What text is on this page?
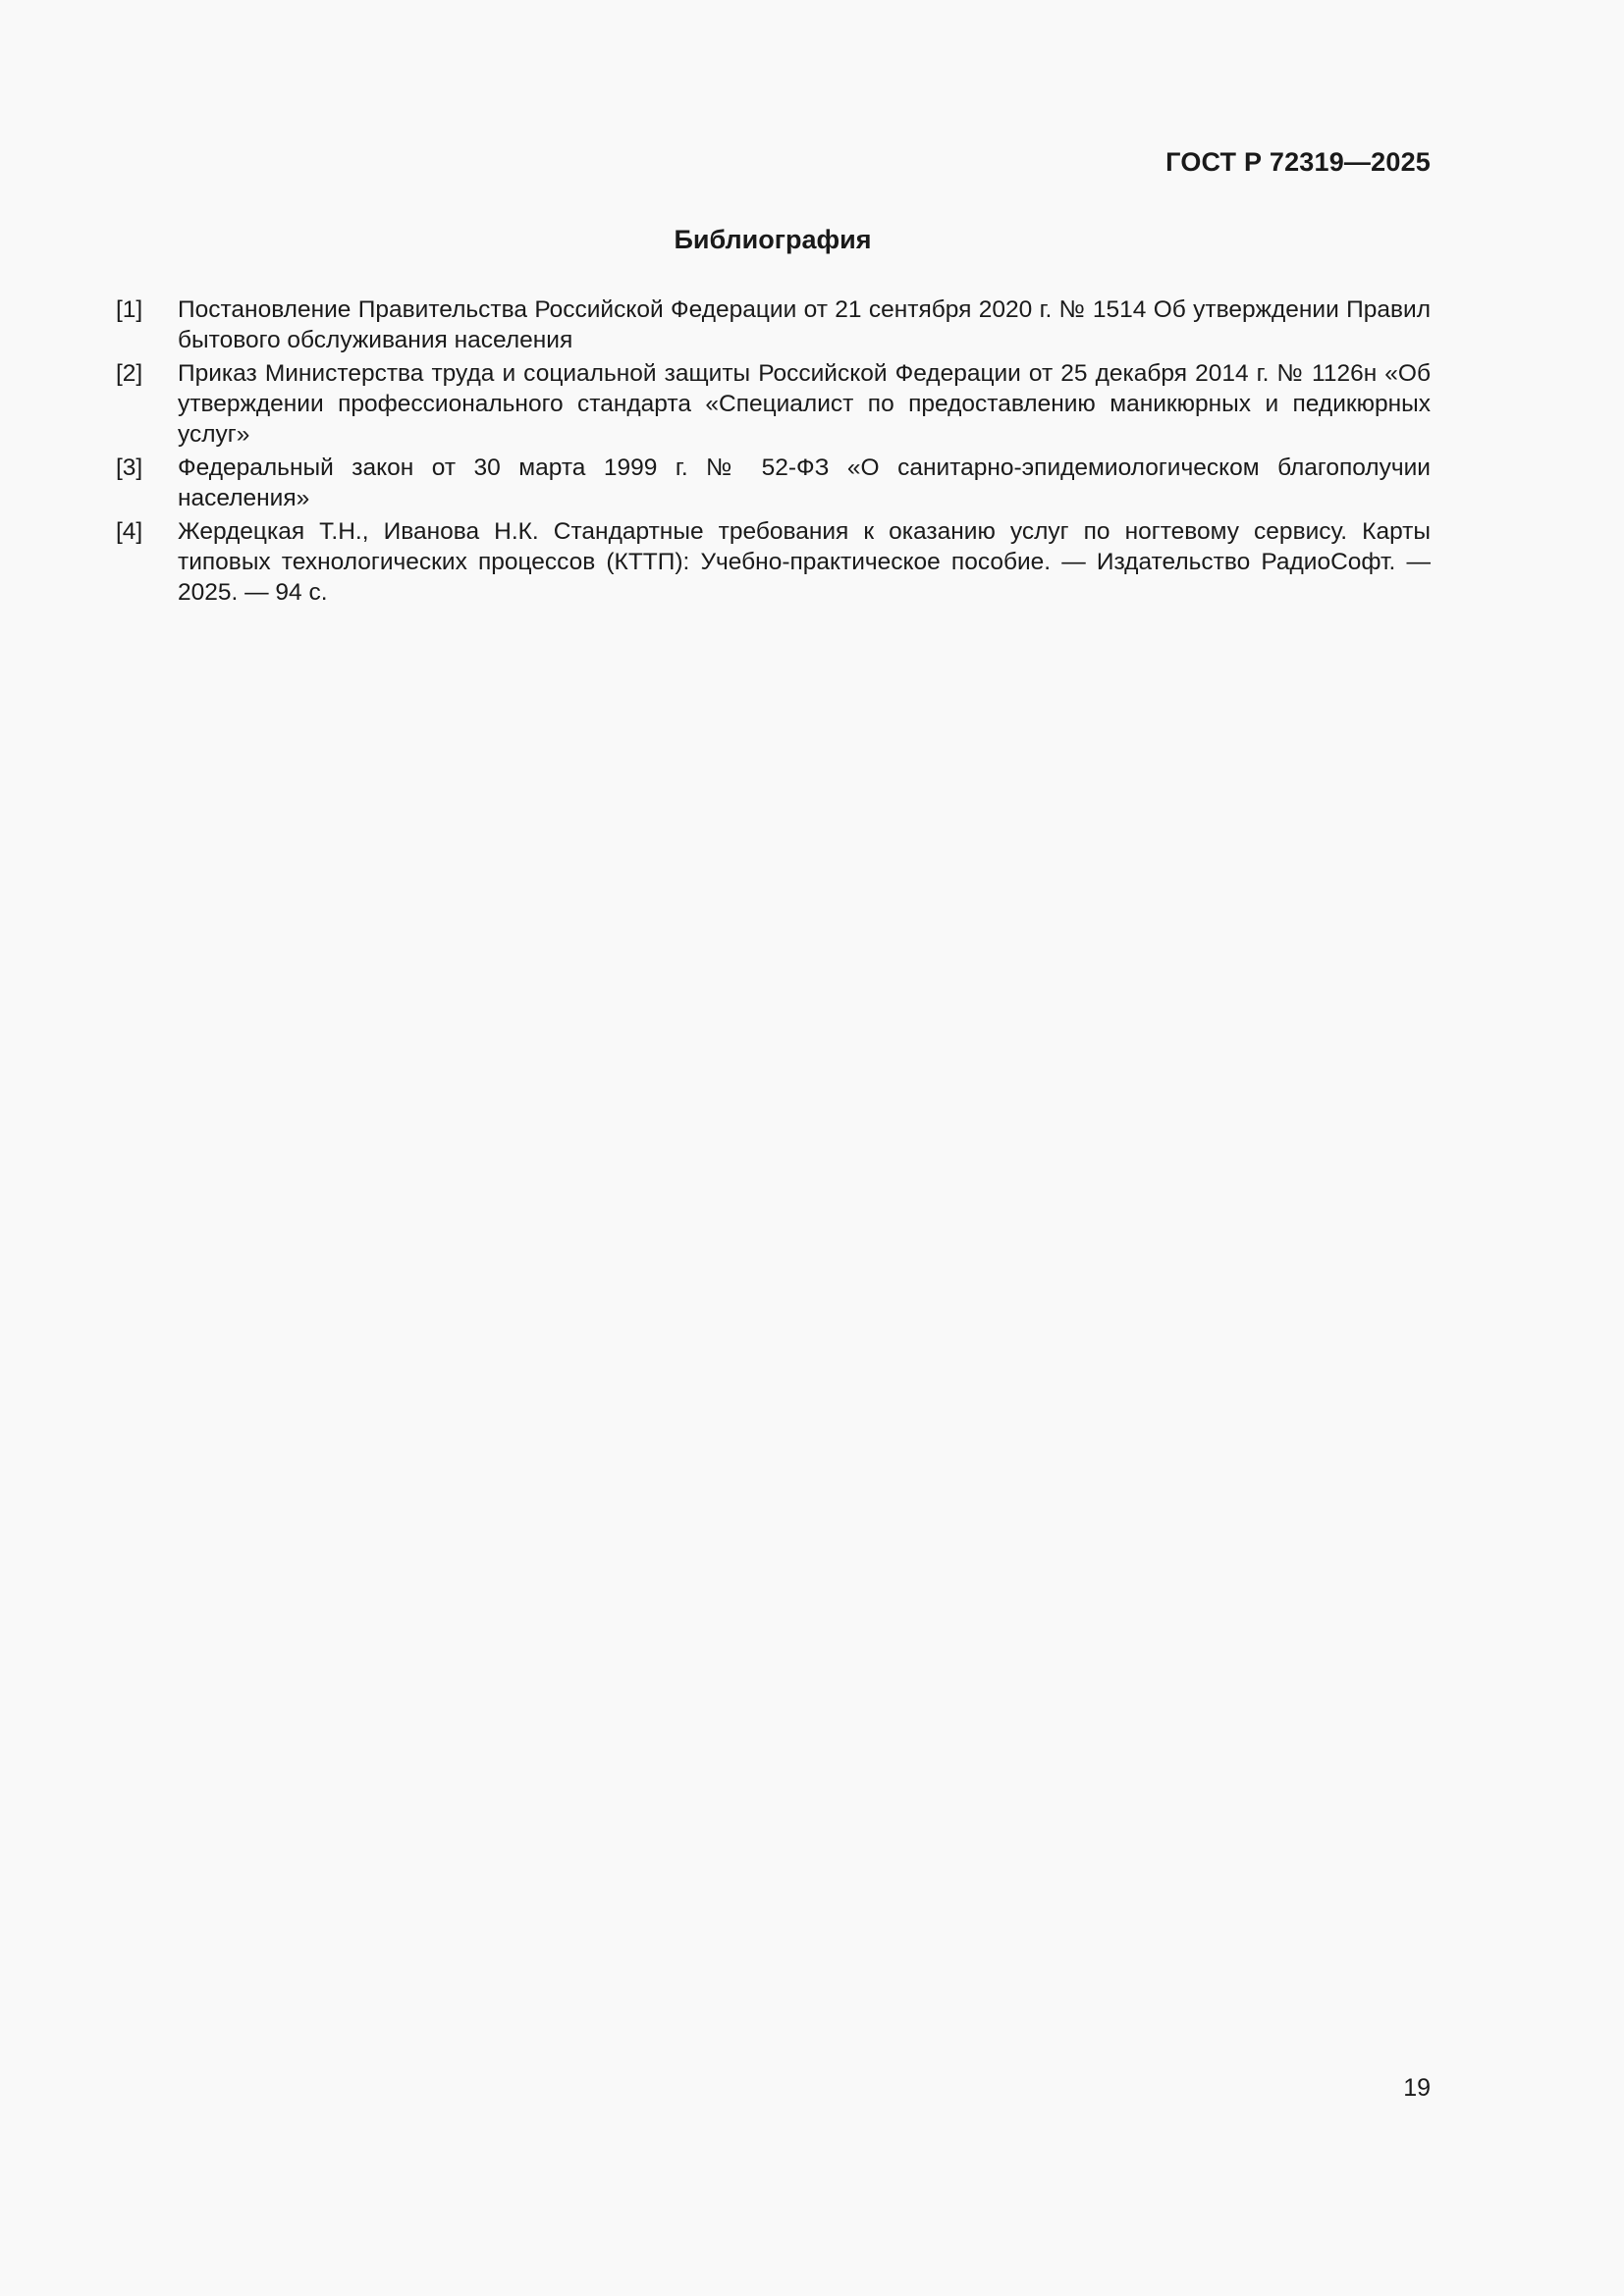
ГОСТ Р 72319—2025
Библиография
[1] Постановление Правительства Российской Федерации от 21 сентября 2020 г. № 1514 Об утверждении Правил бытового обслуживания населения
[2] Приказ Министерства труда и социальной защиты Российской Федерации от 25 декабря 2014 г. № 1126н «Об утверждении профессионального стандарта «Специалист по предоставлению маникюрных и педикюрных услуг»
[3] Федеральный закон от 30 марта 1999 г. № 52-ФЗ «О санитарно-эпидемиологическом благополучии населения»
[4] Жердецкая Т.Н., Иванова Н.К. Стандартные требования к оказанию услуг по ногтевому сервису. Карты типовых технологических процессов (КТТП): Учебно-практическое пособие. — Издательство РадиоСофт. — 2025. — 94 с.
19
